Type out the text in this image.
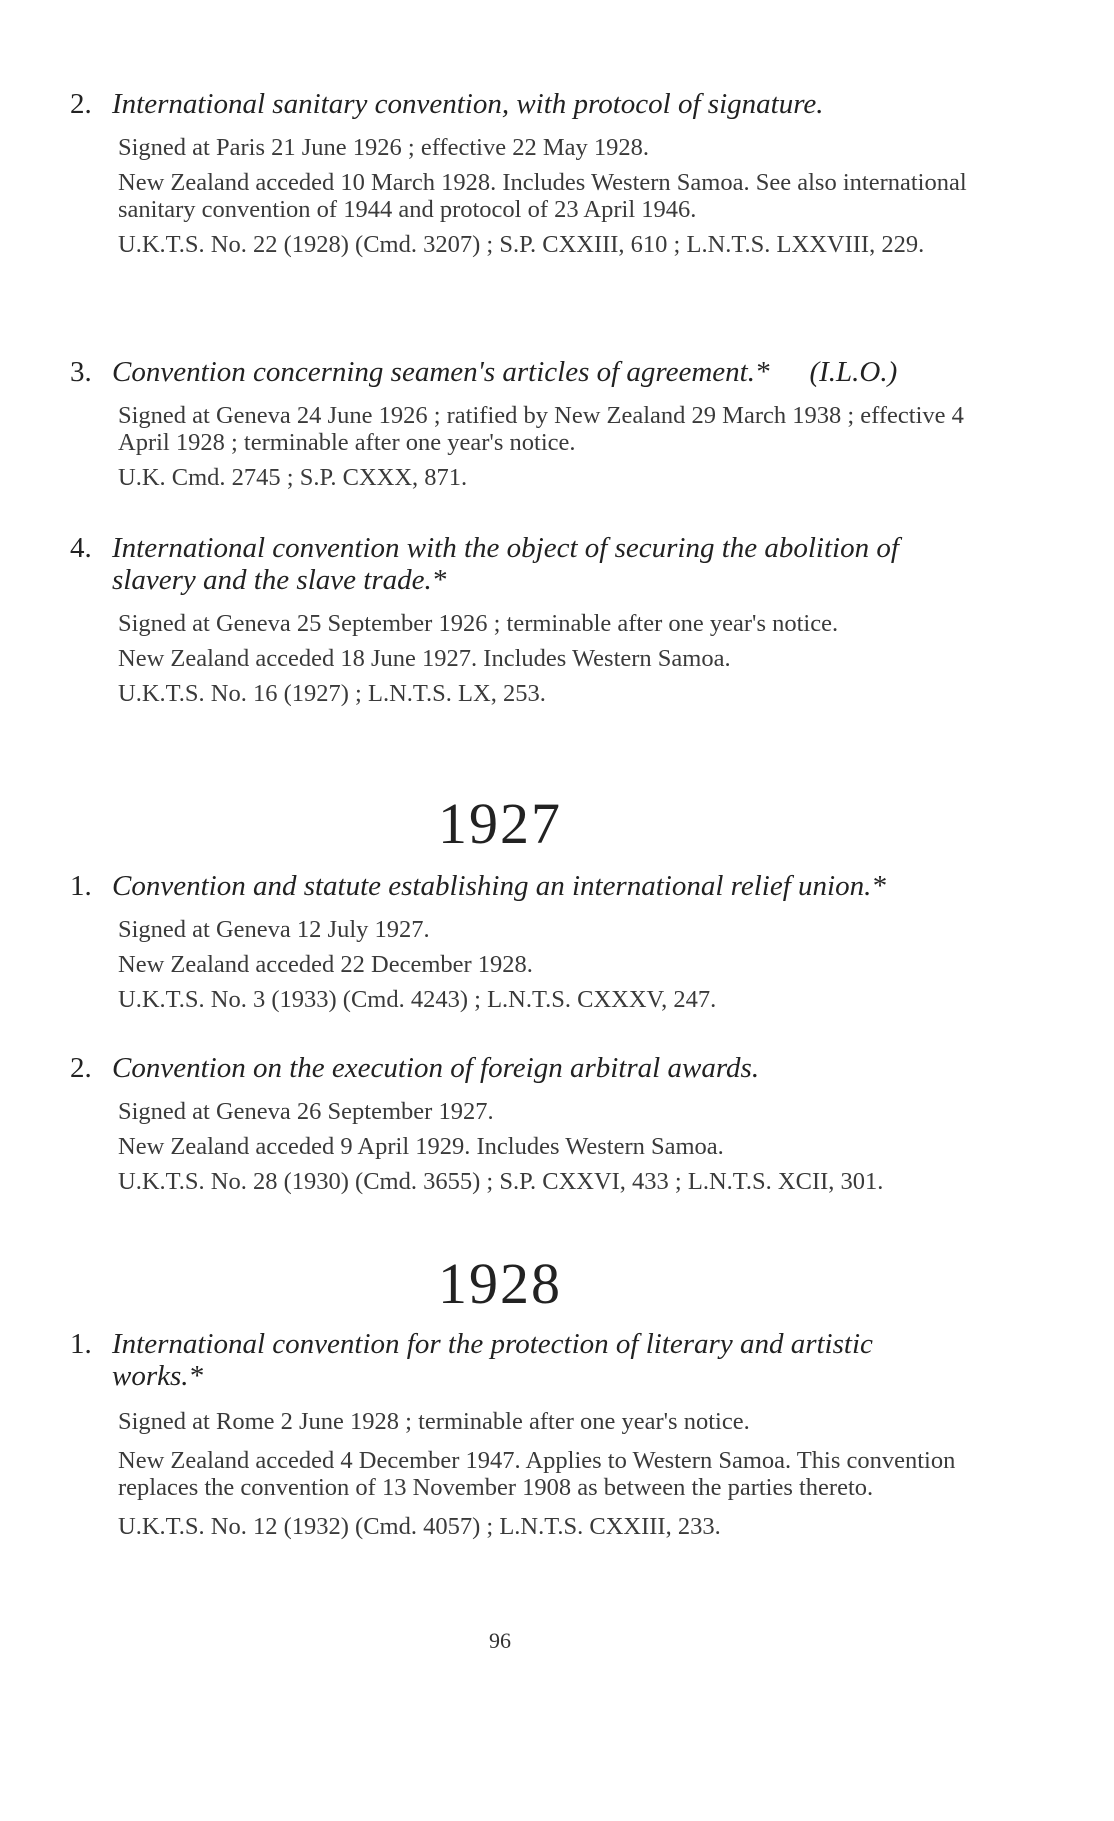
2. International sanitary convention, with protocol of signature.
Signed at Paris 21 June 1926 ; effective 22 May 1928.
New Zealand acceded 10 March 1928. Includes Western Samoa. See also international sanitary convention of 1944 and protocol of 23 April 1946.
U.K.T.S. No. 22 (1928) (Cmd. 3207) ; S.P. CXXIII, 610 ; L.N.T.S. LXXVIII, 229.
3. Convention concerning seamen's articles of agreement.* (I.L.O.)
Signed at Geneva 24 June 1926 ; ratified by New Zealand 29 March 1938 ; effective 4 April 1928 ; terminable after one year's notice.
U.K. Cmd. 2745 ; S.P. CXXX, 871.
4. International convention with the object of securing the abolition of slavery and the slave trade.*
Signed at Geneva 25 September 1926 ; terminable after one year's notice.
New Zealand acceded 18 June 1927. Includes Western Samoa.
U.K.T.S. No. 16 (1927) ; L.N.T.S. LX, 253.
1927
1. Convention and statute establishing an international relief union.*
Signed at Geneva 12 July 1927.
New Zealand acceded 22 December 1928.
U.K.T.S. No. 3 (1933) (Cmd. 4243) ; L.N.T.S. CXXXV, 247.
2. Convention on the execution of foreign arbitral awards.
Signed at Geneva 26 September 1927.
New Zealand acceded 9 April 1929. Includes Western Samoa.
U.K.T.S. No. 28 (1930) (Cmd. 3655) ; S.P. CXXVI, 433 ; L.N.T.S. XCII, 301.
1928
1. International convention for the protection of literary and artistic works.*
Signed at Rome 2 June 1928 ; terminable after one year's notice.
New Zealand acceded 4 December 1947. Applies to Western Samoa. This convention replaces the convention of 13 November 1908 as between the parties thereto.
U.K.T.S. No. 12 (1932) (Cmd. 4057) ; L.N.T.S. CXXIII, 233.
96
